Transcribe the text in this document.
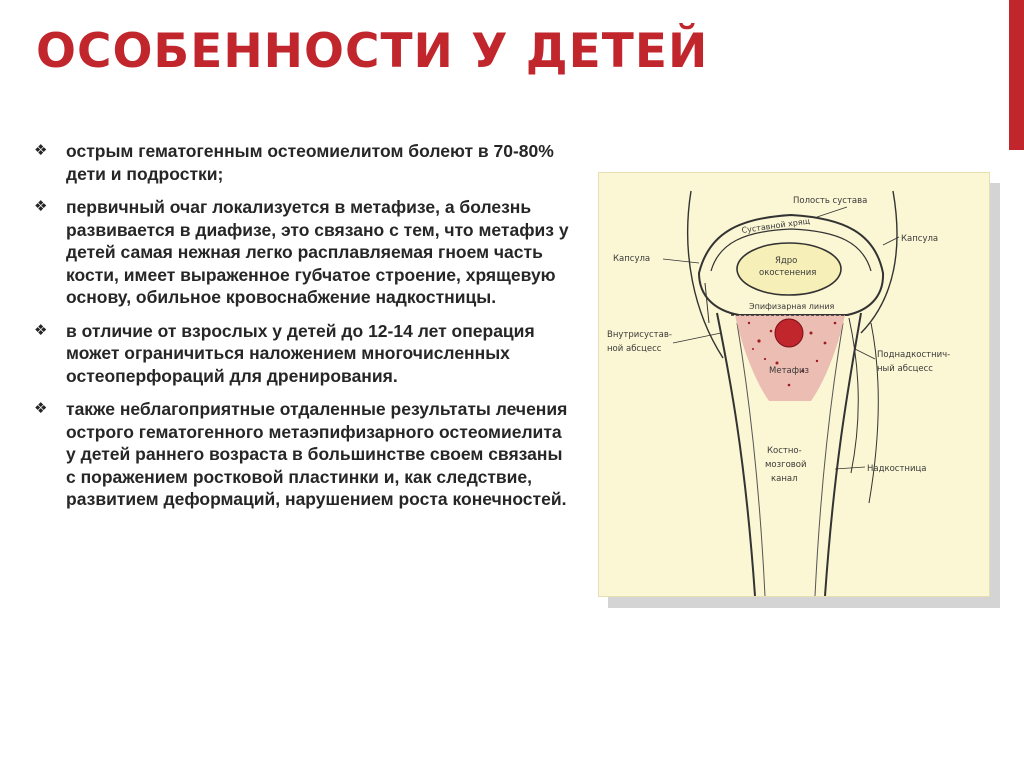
ОСОБЕННОСТИ У ДЕТЕЙ
❖	острым гематогенным остеомиелитом болеют в 70-80% дети и подростки;
❖	первичный очаг локализуется в метафизе, а болезнь развивается в диафизе, это связано с тем, что метафиз у детей самая нежная легко расплавляемая гноем часть кости, имеет выраженное губчатое строение, хрящевую основу, обильное кровоснабжение надкостницы.
❖	в отличие от взрослых у детей до 12-14 лет операция может ограничиться наложением многочисленных остеоперфораций для дренирования.
❖	также неблагоприятные отдаленные результаты лечения острого гематогенного метаэпифизарного остеомиелита у детей раннего возраста в большинстве своем связаны с поражением ростковой пластинки и, как следствие, развитием деформаций, нарушением роста конечностей.
Полость сустава
Суставной хрящ
Капсула
Капсула	Ядро
окостенения
Эпифизарная линия
Внутрисустав-
ной абсцесс
Метафиз
Поднадкостнич-
ный абсцесс
Костно-
мозговой
канал
Надкостница
